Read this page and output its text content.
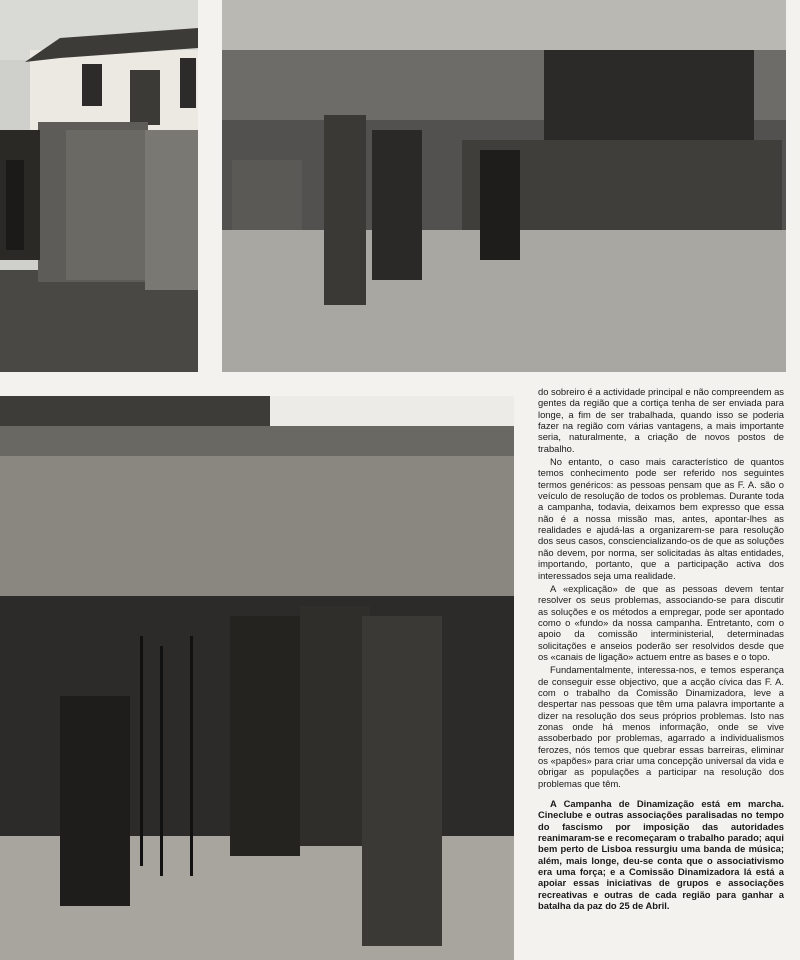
do sobreiro é a actividade principal e não compreendem as gentes da região que a cortiça tenha de ser enviada para longe, a fim de ser trabalhada, quando isso se poderia fazer na região com várias vantagens, a mais importante seria, naturalmente, a criação de novos postos de trabalho.

No entanto, o caso mais característico de quantos temos conhecimento pode ser referido nos seguintes termos genéricos: as pessoas pensam que as F. A. são o veículo de resolução de todos os problemas. Durante toda a campanha, todavia, deixamos bem expresso que essa não é a nossa missão mas, antes, apontar-lhes as realidades e ajudá-las a organizarem-se para resolução dos seus casos, consciencializando-os de que as soluções não devem, por norma, ser solicitadas às altas entidades, importando, portanto, que a participação activa dos interessados seja uma realidade.

A «explicação» de que as pessoas devem tentar resolver os seus problemas, associando-se para discutir as soluções e os métodos a empregar, pode ser apontado como o «fundo» da nossa campanha. Entretanto, com o apoio da comissão interministerial, determinadas solicitações e anseios poderão ser resolvidos desde que os «canais de ligação» actuem entre as bases e o topo.

Fundamentalmente, interessa-nos, e temos esperança de conseguir esse objectivo, que a acção cívica das F. A. com o trabalho da Comissão Dinamizadora, leve a despertar nas pessoas que têm uma palavra importante a dizer na resolução dos seus próprios problemas. Isto nas zonas onde há menos informação, onde se vive assoberbado por problemas, agarrado a individualismos ferozes, nós temos que quebrar essas barreiras, eliminar os «papões» para criar uma concepção universal da vida e obrigar as populações a participar na resolução dos problemas que têm.

A Campanha de Dinamização está em marcha. Cineclube e outras associações paralisadas no tempo do fascismo por imposição das autoridades reanimaram-se e recomeçaram o trabalho parado; aqui bem perto de Lisboa ressurgiu uma banda de música; além, mais longe, deu-se conta que o associativismo era uma força; e a Comissão Dinamizadora lá está a apoiar essas iniciativas de grupos e associações recreativas e outras de cada região para ganhar a batalha da paz do 25 de Abril.
